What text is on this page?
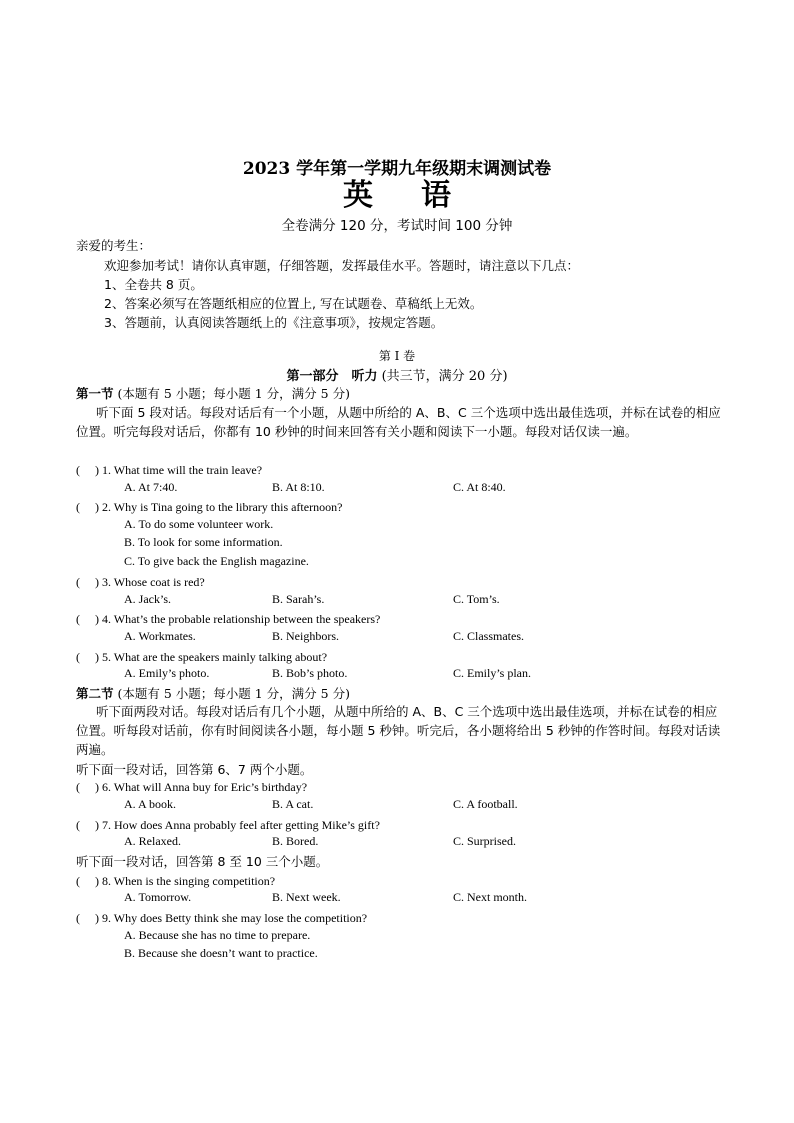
2023 学年第一学期九年级期末调测试卷
英语
全卷满分 120 分，考试时间 100 分钟
亲爱的考生：
欢迎参加考试！请你认真审题，仔细答题，发挥最佳水平。答题时，请注意以下几点：
1、全卷共 8 页。
2、答案必须写在答题纸相应的位置上, 写在试题卷、草稿纸上无效。
3、答题前，认真阅读答题纸上的《注意事项》，按规定答题。
第 I 卷
第一部分　听力 (共三节，满分 20 分)
第一节 (本题有 5 小题；每小题 1 分，满分 5 分)
听下面 5 段对话。每段对话后有一个小题，从题中所给的 A、B、C 三个选项中选出最佳选项，并标在试卷的相应位置。听完每段对话后，你都有 10 秒钟的时间来回答有关小题和阅读下一小题。每段对话仅读一遍。
(　 ) 1. What time will the train leave?
A. At 7:40.	B. At 8:10.	C. At 8:40.
(　 ) 2. Why is Tina going to the library this afternoon?
A. To do some volunteer work.
B. To look for some information.
C. To give back the English magazine.
(　 ) 3. Whose coat is red?
A. Jack’s.	B. Sarah’s.	C. Tom’s.
(　 ) 4. What’s the probable relationship between the speakers?
A. Workmates.	B. Neighbors.	C. Classmates.
(　 ) 5. What are the speakers mainly talking about?
A. Emily’s photo.	B. Bob’s photo.	C. Emily’s plan.
第二节 (本题有 5 小题；每小题 1 分，满分 5 分)
听下面两段对话。每段对话后有几个小题，从题中所给的 A、B、C 三个选项中选出最佳选项，并标在试卷的相应位置。听每段对话前，你有时间阅读各小题，每小题 5 秒钟。听完后，各小题将给出 5 秒钟的作答时间。每段对话读两遍。
听下面一段对话，回答第 6、7 两个小题。
(　 ) 6. What will Anna buy for Eric’s birthday?
A. A book.	B. A cat.	C. A football.
(　 ) 7. How does Anna probably feel after getting Mike’s gift?
A. Relaxed.	B. Bored.	C. Surprised.
听下面一段对话，回答第 8 至 10 三个小题。
(　 ) 8. When is the singing competition?
A. Tomorrow.	B. Next week.	C. Next month.
(　 ) 9. Why does Betty think she may lose the competition?
A. Because she has no time to prepare.
B. Because she doesn’t want to practice.
